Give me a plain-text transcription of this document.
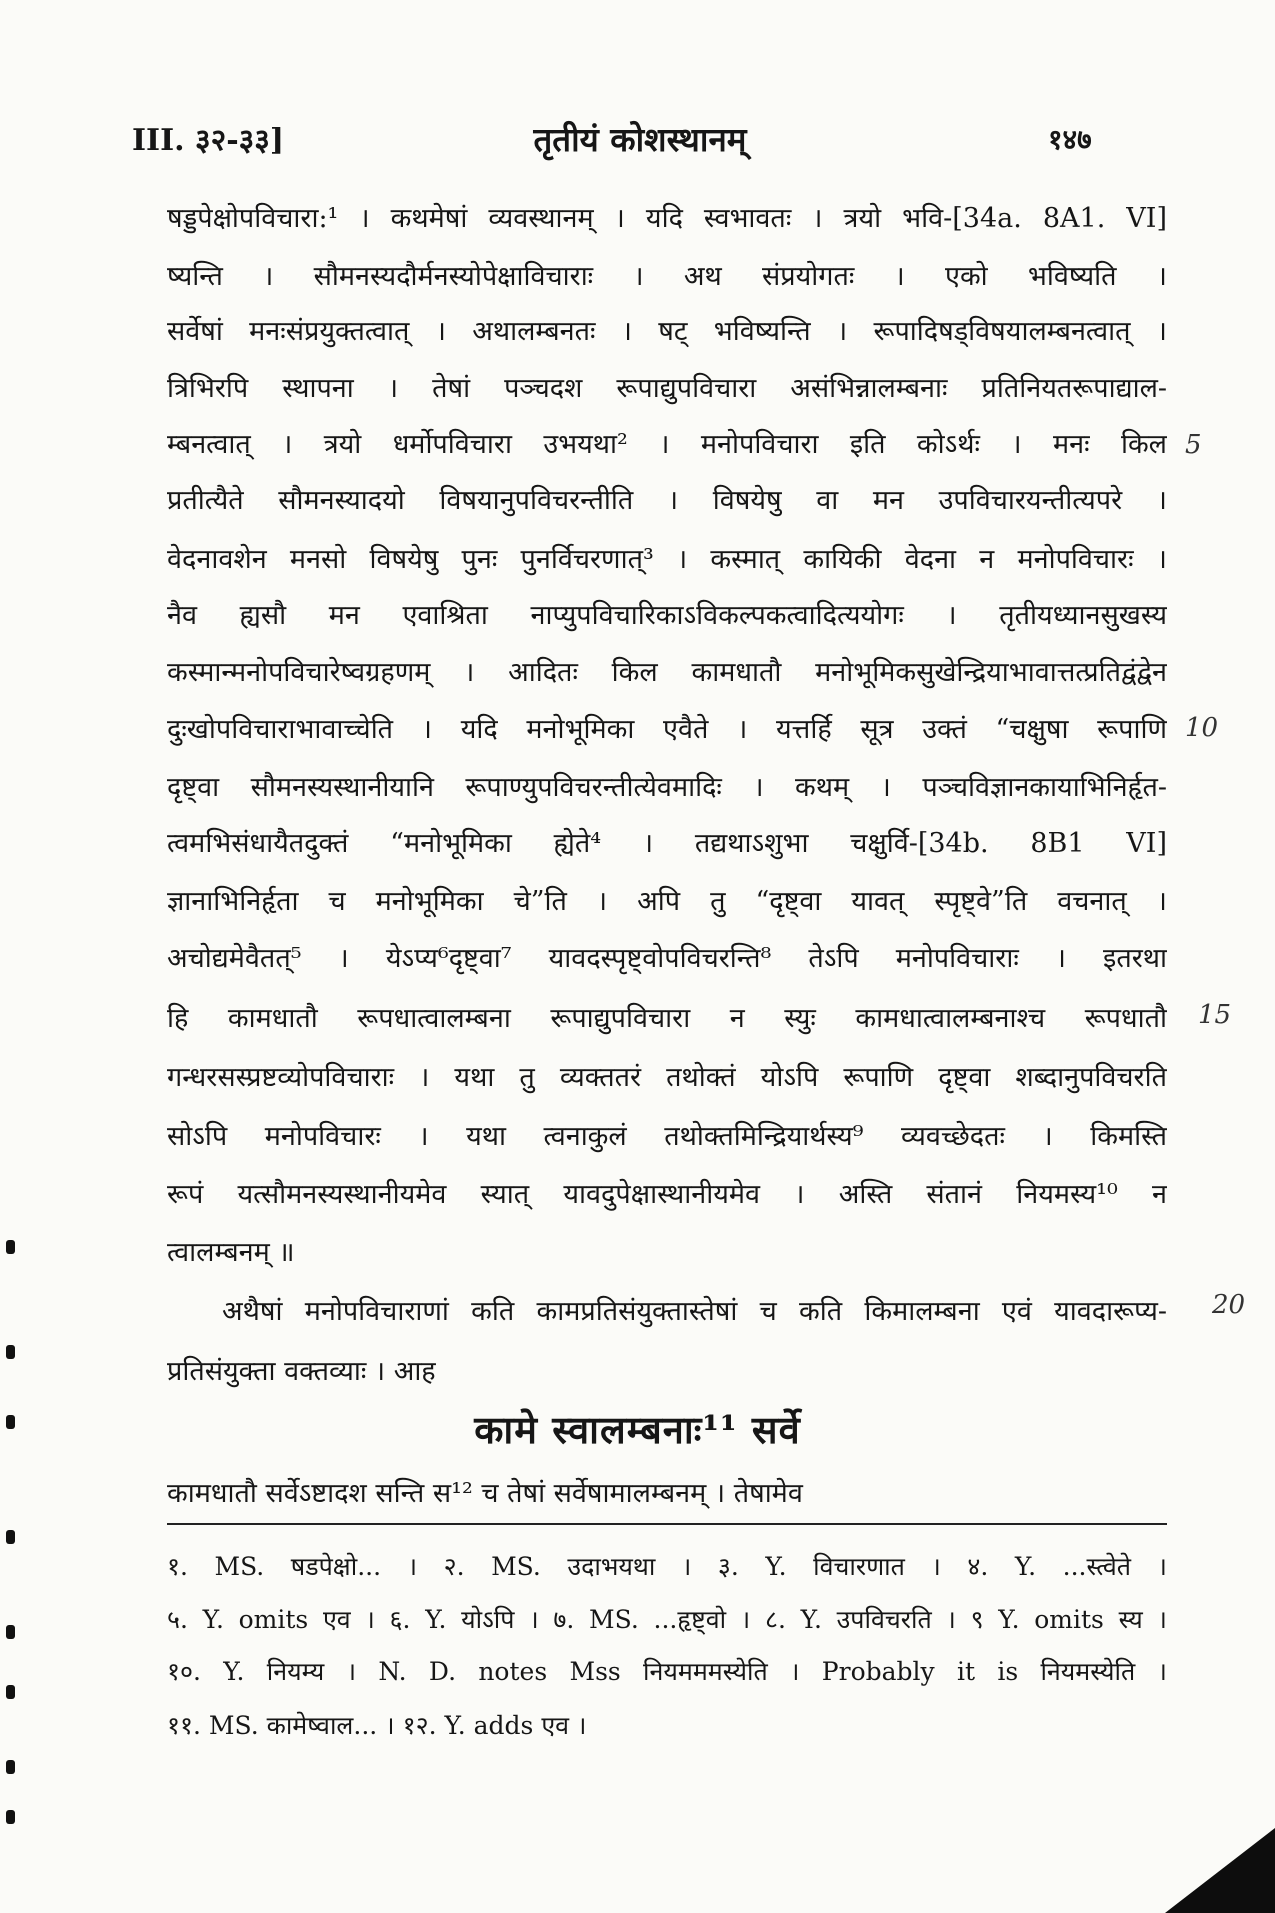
III. ३२-३३]	तृतीयं कोशस्थानम्	१४७
षड्डपेक्षोपविचारा:¹ । कथमेषां व्यवस्थानम् । यदि स्वभावतः । त्रयो भवि-[34a. 8A1. VI]
ष्यन्ति । सौमनस्यदौर्मनस्योपेक्षाविचाराः । अथ संप्रयोगतः । एको भविष्यति ।
सर्वेषां मनःसंप्रयुक्तत्वात् । अथालम्बनतः । षट् भविष्यन्ति । रूपादिषड्विषयालम्बनत्वात् ।
त्रिभिरपि स्थापना । तेषां पञ्चदश रूपाद्युपविचारा असंभिन्नालम्बनाः प्रतिनियतरूपाद्याल-
म्बनत्वात् । त्रयो धर्मोपविचारा उभयथा² । मनोपविचारा इति कोऽर्थः । मनः किल
प्रतीत्यैते सौमनस्यादयो विषयानुपविचरन्तीति । विषयेषु वा मन उपविचारयन्तीत्यपरे ।
वेदनावशेन मनसो विषयेषु पुनः पुनर्विचरणात्³ । कस्मात् कायिकी वेदना न मनोपविचारः ।
नैव ह्यसौ मन एवाश्रिता नाप्युपविचारिकाऽविकल्पकत्वादित्ययोगः । तृतीयध्यानसुखस्य
कस्मान्मनोपविचारेष्वग्रहणम् । आदितः किल कामधातौ मनोभूमिकसुखेन्द्रियाभावात्तत्प्रतिद्वंद्वेन
दुःखोपविचाराभावाच्चेति । यदि मनोभूमिका एवैते । यत्तर्हि सूत्र उक्तं “चक्षुषा रूपाणि
दृष्ट्वा सौमनस्यस्थानीयानि रूपाण्युपविचरन्तीत्येवमादिः । कथम् । पञ्चविज्ञानकायाभिनिर्हृत-
त्वमभिसंधायैतदुक्तं “मनोभूमिका ह्येते⁴ । तद्यथाऽशुभा चक्षुर्वि-[34b. 8B1 VI]
ज्ञानाभिनिर्हृता च मनोभूमिका चे”ति । अपि तु “दृष्ट्वा यावत् स्पृष्ट्वे”ति वचनात् ।
अचोद्यमेवैतत्⁵ । येऽप्य⁶दृष्ट्वा⁷ यावदस्पृष्ट्वोपविचरन्ति⁸ तेऽपि मनोपविचाराः । इतरथा
हि कामधातौ रूपधात्वालम्बना रूपाद्युपविचारा न स्युः कामधात्वालम्बनाश्च रूपधातौ
गन्धरसस्प्रष्टव्योपविचाराः । यथा तु व्यक्ततरं तथोक्तं योऽपि रूपाणि दृष्ट्वा शब्दानुपविचरति
सोऽपि मनोपविचारः । यथा त्वनाकुलं तथोक्तमिन्द्रियार्थस्य⁹ व्यवच्छेदतः । किमस्ति
रूपं यत्सौमनस्यस्थानीयमेव स्यात् यावदुपेक्षास्थानीयमेव । अस्ति संतानं नियमस्य¹⁰ न
त्वालम्बनम् ॥
अथैषां मनोपविचाराणां कति कामप्रतिसंयुक्तास्तेषां च कति किमालम्बना एवं यावदारूप्य-
प्रतिसंयुक्ता वक्तव्याः । आह
5
10
15
20
कामे स्वालम्बनाः¹¹ सर्वे
कामधातौ सर्वेऽष्टादश सन्ति स¹² च तेषां सर्वेषामालम्बनम् । तेषामेव
१. MS. षडपेक्षो... । २. MS. उदाभयथा । ३. Y. विचारणात । ४. Y. ...स्त्वेते ।
५. Y. omits एव । ६. Y. योऽपि । ७. MS. ...हृष्ट्वो । ८. Y. उपविचरति । ९ Y. omits स्य ।
१०. Y. नियम्य । N. D. notes Mss नियमममस्येति । Probably it is नियमस्येति ।
११. MS. कामेष्वाल... । १२. Y. adds एव ।
